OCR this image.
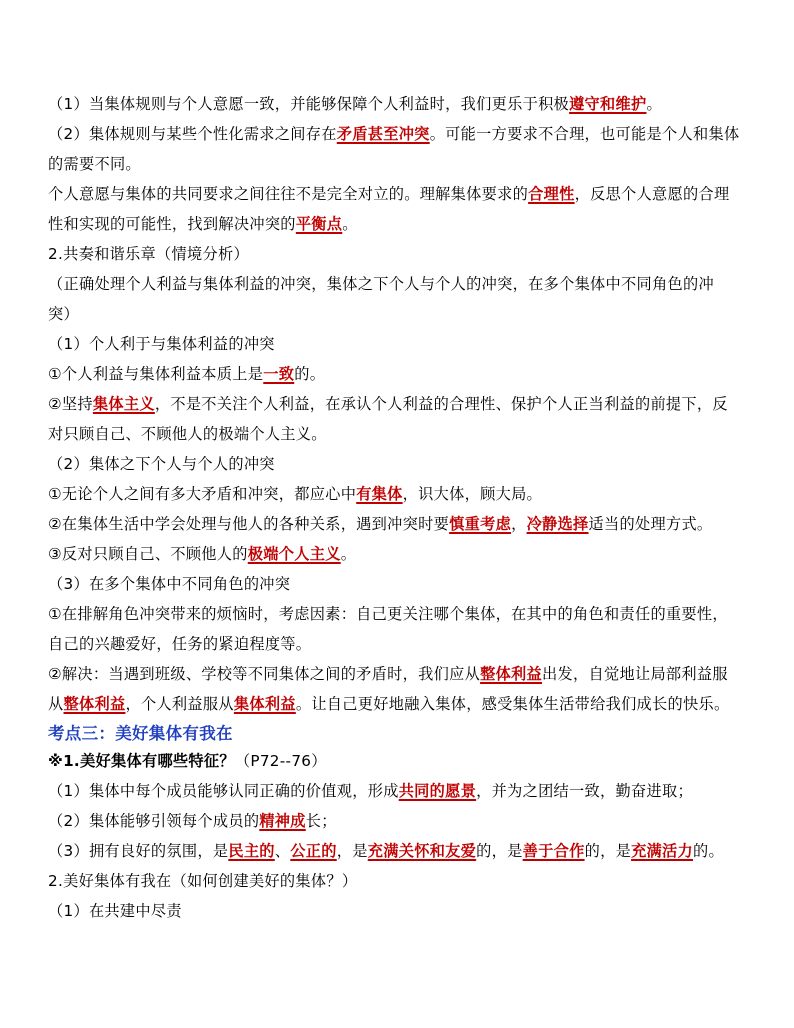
（1）当集体规则与个人意愿一致，并能够保障个人利益时，我们更乐于积极遵守和维护。
（2）集体规则与某些个性化需求之间存在矛盾甚至冲突。可能一方要求不合理，也可能是个人和集体
的需要不同。
个人意愿与集体的共同要求之间往往不是完全对立的。理解集体要求的合理性，反思个人意愿的合理
性和实现的可能性，找到解决冲突的平衡点。
2.共奏和谐乐章（情境分析）
（正确处理个人利益与集体利益的冲突，集体之下个人与个人的冲突，在多个集体中不同角色的冲
突）
（1）个人利于与集体利益的冲突
①个人利益与集体利益本质上是一致的。
②坚持集体主义，不是不关注个人利益，在承认个人利益的合理性、保护个人正当利益的前提下，反
对只顾自己、不顾他人的极端个人主义。
（2）集体之下个人与个人的冲突
①无论个人之间有多大矛盾和冲突，都应心中有集体，识大体，顾大局。
②在集体生活中学会处理与他人的各种关系，遇到冲突时要慎重考虑，冷静选择适当的处理方式。
③反对只顾自己、不顾他人的极端个人主义。
（3）在多个集体中不同角色的冲突
①在排解角色冲突带来的烦恼时，考虑因素：自己更关注哪个集体，在其中的角色和责任的重要性，
自己的兴趣爱好，任务的紧迫程度等。
②解决：当遇到班级、学校等不同集体之间的矛盾时，我们应从整体利益出发，自觉地让局部利益服
从整体利益，个人利益服从集体利益。让自己更好地融入集体，感受集体生活带给我们成长的快乐。
考点三：美好集体有我在
※1.美好集体有哪些特征？（P72--76）
（1）集体中每个成员能够认同正确的价值观，形成共同的愿景，并为之团结一致，勤奋进取；
（2）集体能够引领每个成员的精神成长；
（3）拥有良好的氛围，是民主的、公正的，是充满关怀和友爱的，是善于合作的，是充满活力的。
2.美好集体有我在（如何创建美好的集体？）
（1）在共建中尽责
